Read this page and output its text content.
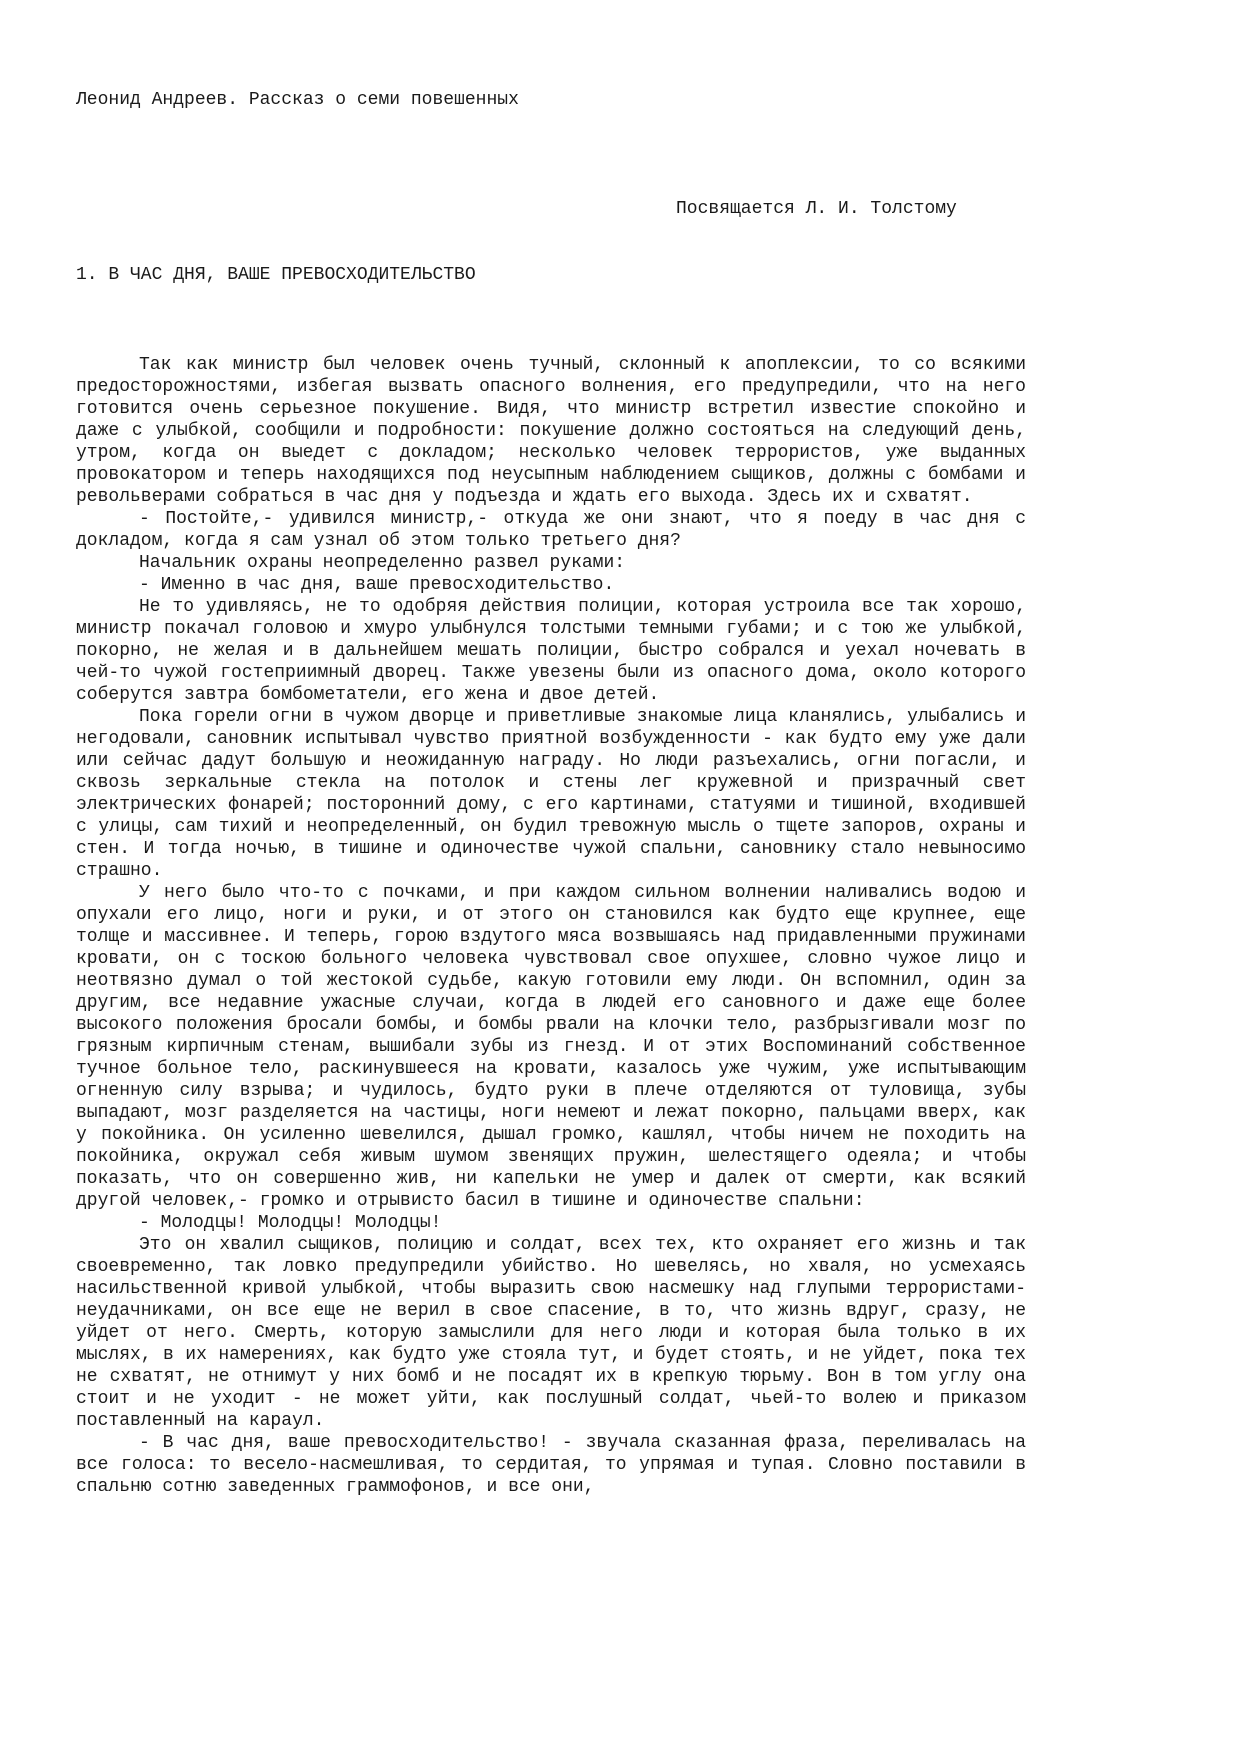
Леонид Андреев. Рассказ о семи повешенных
Посвящается Л. И. Толстому
1. В ЧАС ДНЯ, ВАШЕ ПРЕВОСХОДИТЕЛЬСТВО

Так как министр был человек очень тучный, склонный к апоплексии, то со всякими предосторожностями, избегая вызвать опасного волнения, его предупредили, что на него готовится очень серьезное покушение. Видя, что министр встретил известие спокойно и даже с улыбкой, сообщили и подробности: покушение должно состояться на следующий день, утром, когда он выедет с докладом; несколько человек террористов, уже выданных провокатором и теперь находящихся под неусыпным наблюдением сыщиков, должны с бомбами и револьверами собраться в час дня у подъезда и ждать его выхода. Здесь их и схватят.

- Постойте,- удивился министр,- откуда же они знают, что я поеду в час дня с докладом, когда я сам узнал об этом только третьего дня?

Начальник охраны неопределенно развел руками:

- Именно в час дня, ваше превосходительство.

Не то удивляясь, не то одобряя действия полиции, которая устроила все так хорошо, министр покачал головою и хмуро улыбнулся толстыми темными губами; и с тою же улыбкой, покорно, не желая и в дальнейшем мешать полиции, быстро собрался и уехал ночевать в чей-то чужой гостеприимный дворец. Также увезены были из опасного дома, около которого соберутся завтра бомбометатели, его жена и двое детей.

Пока горели огни в чужом дворце и приветливые знакомые лица кланялись, улыбались и негодовали, сановник испытывал чувство приятной возбужденности - как будто ему уже дали или сейчас дадут большую и неожиданную награду. Но люди разъехались, огни погасли, и сквозь зеркальные стекла на потолок и стены лег кружевной и призрачный свет электрических фонарей; посторонний дому, с его картинами, статуями и тишиной, входившей с улицы, сам тихий и неопределенный, он будил тревожную мысль о тщете запоров, охраны и стен. И тогда ночью, в тишине и одиночестве чужой спальни, сановнику стало невыносимо страшно.

У него было что-то с почками, и при каждом сильном волнении наливались водою и опухали его лицо, ноги и руки, и от этого он становился как будто еще крупнее, еще толще и массивнее. И теперь, горою вздутого мяса возвышаясь над придавленными пружинами кровати, он с тоскою больного человека чувствовал свое опухшее, словно чужое лицо и неотвязно думал о той жестокой судьбе, какую готовили ему люди. Он вспомнил, один за другим, все недавние ужасные случаи, когда в людей его сановного и даже еще более высокого положения бросали бомбы, и бомбы рвали на клочки тело, разбрызгивали мозг по грязным кирпичным стенам, вышибали зубы из гнезд. И от этих Воспоминаний собственное тучное больное тело, раскинувшееся на кровати, казалось уже чужим, уже испытывающим огненную силу взрыва; и чудилось, будто руки в плече отделяются от туловища, зубы выпадают, мозг разделяется на частицы, ноги немеют и лежат покорно, пальцами вверх, как у покойника. Он усиленно шевелился, дышал громко, кашлял, чтобы ничем не походить на покойника, окружал себя живым шумом звенящих пружин, шелестящего одеяла; и чтобы показать, что он совершенно жив, ни капельки не умер и далек от смерти, как всякий другой человек,- громко и отрывисто басил в тишине и одиночестве спальни:

- Молодцы! Молодцы! Молодцы!

Это он хвалил сыщиков, полицию и солдат, всех тех, кто охраняет его жизнь и так своевременно, так ловко предупредили убийство. Но шевелясь, но хваля, но усмехаясь насильственной кривой улыбкой, чтобы выразить свою насмешку над глупыми террористами-неудачниками, он все еще не верил в свое спасение, в то, что жизнь вдруг, сразу, не уйдет от него. Смерть, которую замыслили для него люди и которая была только в их мыслях, в их намерениях, как будто уже стояла тут, и будет стоять, и не уйдет, пока тех не схватят, не отнимут у них бомб и не посадят их в крепкую тюрьму. Вон в том углу она стоит и не уходит - не может уйти, как послушный солдат, чьей-то волею и приказом поставленный на караул.

- В час дня, ваше превосходительство! - звучала сказанная фраза, переливалась на все голоса: то весело-насмешливая, то сердитая, то упрямая и тупая. Словно поставили в спальню сотню заведенных граммофонов, и все они,
